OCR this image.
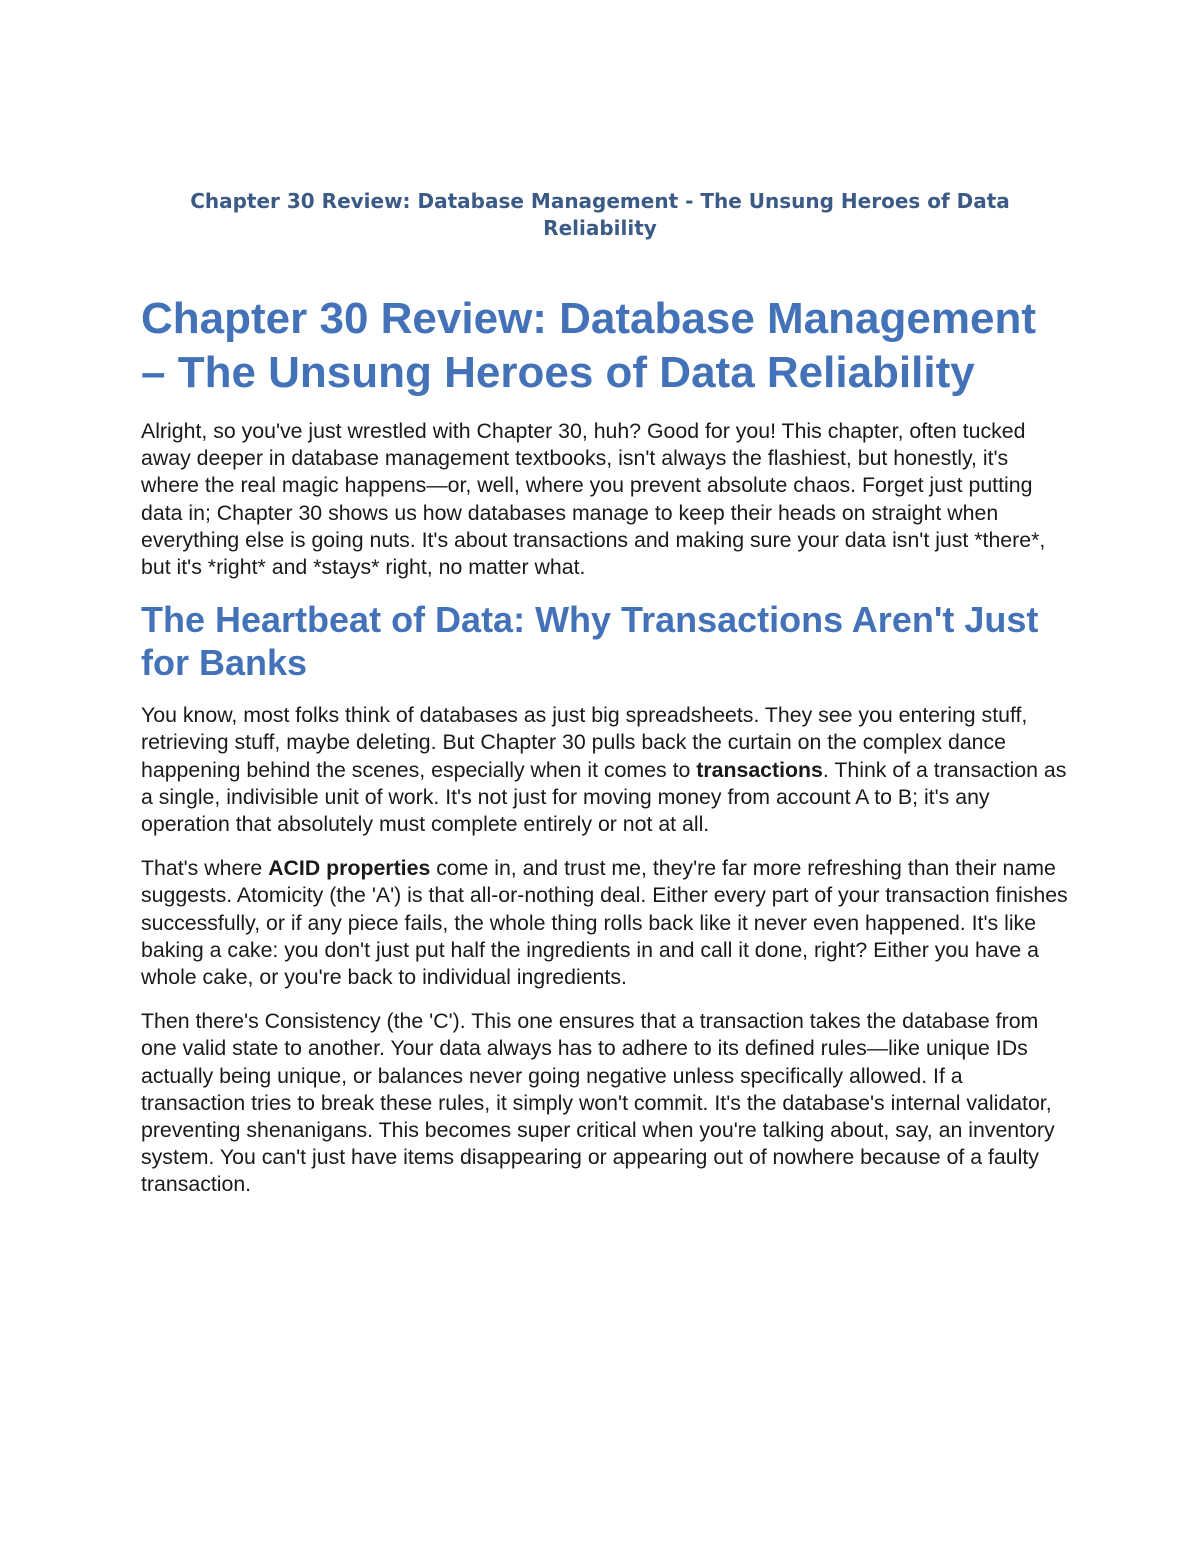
Chapter 30 Review: Database Management - The Unsung Heroes of Data Reliability
Chapter 30 Review: Database Management – The Unsung Heroes of Data Reliability

Alright, so you've just wrestled with Chapter 30, huh? Good for you! This chapter, often tucked away deeper in database management textbooks, isn't always the flashiest, but honestly, it's where the real magic happens—or, well, where you prevent absolute chaos. Forget just putting data in; Chapter 30 shows us how databases manage to keep their heads on straight when everything else is going nuts. It's about transactions and making sure your data isn't just *there*, but it's *right* and *stays* right, no matter what.

The Heartbeat of Data: Why Transactions Aren't Just for Banks

You know, most folks think of databases as just big spreadsheets. They see you entering stuff, retrieving stuff, maybe deleting. But Chapter 30 pulls back the curtain on the complex dance happening behind the scenes, especially when it comes to transactions. Think of a transaction as a single, indivisible unit of work. It's not just for moving money from account A to B; it's any operation that absolutely must complete entirely or not at all.

That's where ACID properties come in, and trust me, they're far more refreshing than their name suggests. Atomicity (the 'A') is that all-or-nothing deal. Either every part of your transaction finishes successfully, or if any piece fails, the whole thing rolls back like it never even happened. It's like baking a cake: you don't just put half the ingredients in and call it done, right? Either you have a whole cake, or you're back to individual ingredients.

Then there's Consistency (the 'C'). This one ensures that a transaction takes the database from one valid state to another. Your data always has to adhere to its defined rules—like unique IDs actually being unique, or balances never going negative unless specifically allowed. If a transaction tries to break these rules, it simply won't commit. It's the database's internal validator, preventing shenanigans. This becomes super critical when you're talking about, say, an inventory system. You can't just have items disappearing or appearing out of nowhere because of a faulty transaction.
